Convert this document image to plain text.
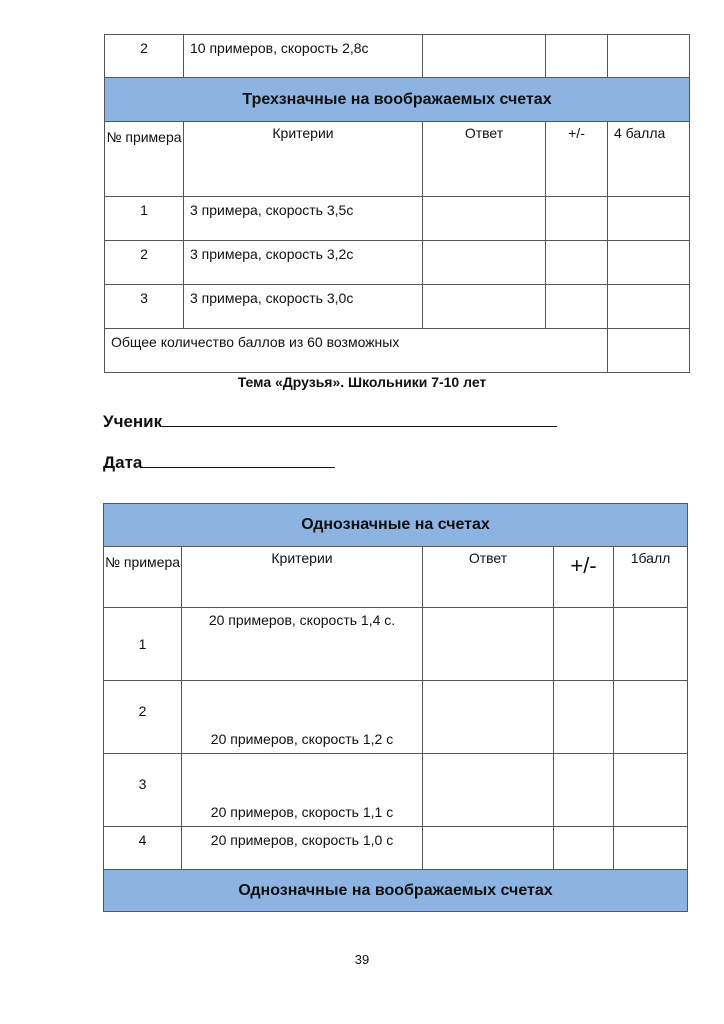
2	10 примеров, скорость 2,8с			
Трехзначные на воображаемых счетах				
№ примера	Критерии	Ответ	+/-	4 балла
1	3 примера, скорость 3,5с			
2	3 примера, скорость 3,2с			
3	3 примера, скорость 3,0с			
Общее количество баллов из 60 возможных				
Тема «Друзья». Школьники 7-10 лет
Ученик
Дата
Однозначные на счетах				
№ примера	Критерии	Ответ	+/-	1балл
1	20 примеров, скорость 1,4 с.			
2	20 примеров, скорость 1,2 с			
3	20 примеров, скорость 1,1 с			
4	20 примеров, скорость 1,0 с			
Однозначные на воображаемых счетах				
39
